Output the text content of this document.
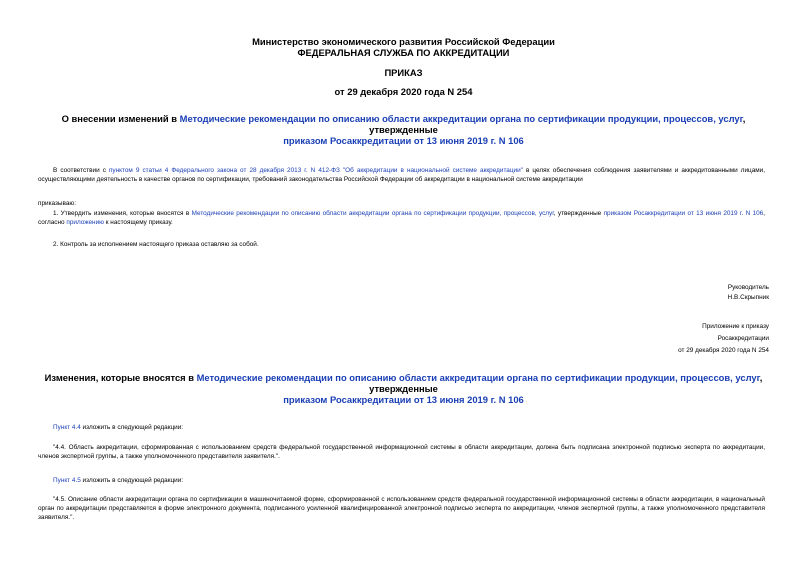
Министерство экономического развития Российской Федерации
ФЕДЕРАЛЬНАЯ СЛУЖБА ПО АККРЕДИТАЦИИ
ПРИКАЗ
от 29 декабря 2020 года N 254
О внесении изменений в Методические рекомендации по описанию области аккредитации органа по сертификации продукции, процессов, услуг, утвержденные
приказом Росаккредитации от 13 июня 2019 г. N 106
В соответствии с пунктом 9 статьи 4 Федерального закона от 28 декабря 2013 г. N 412-ФЗ "Об аккредитации в национальной системе аккредитации" в целях обеспечения соблюдения заявителями и аккредитованными лицами, осуществляющими деятельность в качестве органов по сертификации, требований законодательства Российской Федерации об аккредитации в национальной системе аккредитации
приказываю:
1. Утвердить изменения, которые вносятся в Методические рекомендации по описанию области аккредитации органа по сертификации продукции, процессов, услуг, утвержденные приказом Росаккредитации от 13 июня 2019 г. N 106, согласно приложению к настоящему приказу.
2. Контроль за исполнением настоящего приказа оставляю за собой.
Руководитель
Н.В.Скрыпник
Приложение к приказу
Росаккредитации
от 29 декабря 2020 года N 254
Изменения, которые вносятся в Методические рекомендации по описанию области аккредитации органа по сертификации продукции, процессов, услуг, утвержденные
приказом Росаккредитации от 13 июня 2019 г. N 106
Пункт 4.4 изложить в следующей редакции:
"4.4. Область аккредитации, сформированная с использованием средств федеральной государственной информационной системы в области аккредитации, должна быть подписана электронной подписью эксперта по аккредитации, членов экспертной группы, а также уполномоченного представителя заявителя.".
Пункт 4.5 изложить в следующей редакции:
"4.5. Описание области аккредитации органа по сертификации в машиночитаемой форме, сформированной с использованием средств федеральной государственной информационной системы в области аккредитации, в национальный орган по аккредитации представляется в форме электронного документа, подписанного усиленной квалифицированной электронной подписью эксперта по аккредитации, членов экспертной группы, а также уполномоченного представителя заявителя.".
